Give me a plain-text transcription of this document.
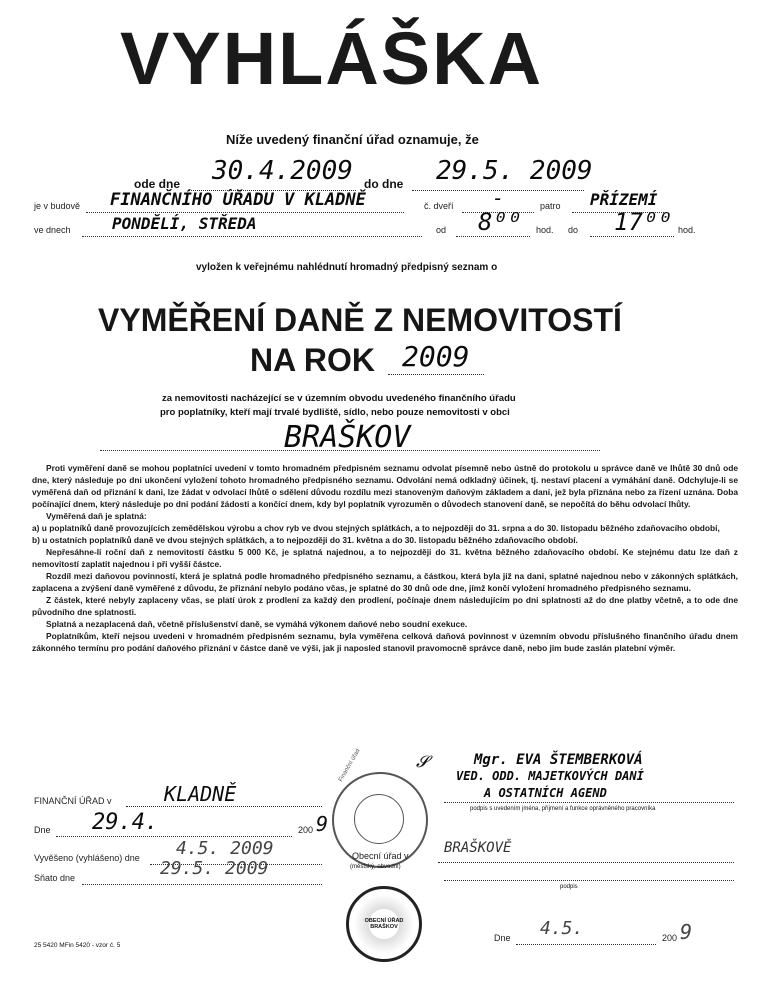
VYHLÁŠKA
Níže uvedený finanční úřad oznamuje, že
ode dne 30.4.2009 do dne 29.5. 2009
je v budově FINANČNÍHO ÚŘADU V KLADNĚ	č. dveří -	patro PŘÍZEMÍ
ve dnech	PONDĚLÍ, STŘEDA	od 8⁰⁰ hod. do 17⁰⁰ hod.
vyložen k veřejnému nahlédnutí hromadný předpisný seznam o
VYMĚŘENÍ DANĚ Z NEMOVITOSTÍ
NA ROK 2009
za nemovitosti nacházející se v územním obvodu uvedeného finančního úřadu
pro poplatníky, kteří mají trvalé bydliště, sídlo, nebo pouze nemovitosti v obci
BRAŠKOV

Proti vyměření daně se mohou poplatníci uvedení v tomto hromadném předpisném seznamu odvolat písemně nebo ústně do protokolu u správce daně ve lhůtě 30 dnů ode dne, který následuje po dni ukončení vyložení tohoto hromadného předpisného seznamu. Odvolání nemá odkladný účinek, tj. nestaví placení a vymáhání daně. Odchyluje-li se vyměřená daň od přiznání k dani, lze žádat v odvolací lhůtě o sdělení důvodu rozdílu mezi stanoveným daňovým základem a daní, jež byla přiznána nebo za řízení uznána. Doba počínající dnem, který následuje po dni podání žádosti a končící dnem, kdy byl poplatník vyrozuměn o důvodech stanovení daně, se nepočítá do běhu odvolací lhůty.

Vyměřená daň je splatná:

a) u poplatníků daně provozujících zemědělskou výrobu a chov ryb ve dvou stejných splátkách, a to nejpozději do 31. srpna a do 30. listopadu běžného zdaňovacího období,

b) u ostatních poplatníků daně ve dvou stejných splátkách, a to nejpozději do 31. května a do 30. listopadu běžného zdaňovacího období.

Nepřesáhne-li roční daň z nemovitostí částku 5 000 Kč, je splatná najednou, a to nejpozději do 31. května běžného zdaňovacího období. Ke stejnému datu lze daň z nemovitostí zaplatit najednou i při vyšší částce.

Rozdíl mezi daňovou povinností, která je splatná podle hromadného předpisného seznamu, a částkou, která byla již na dani, splatné najednou nebo v zákonných splátkách, zaplacena a zvýšení daně vyměřené z důvodu, že přiznání nebylo podáno včas, je splatné do 30 dnů ode dne, jímž končí vyložení hromadného předpisného seznamu.

Z částek, které nebyly zaplaceny včas, se platí úrok z prodlení za každý den prodlení, počínaje dnem následujícím po dni splatnosti až do dne platby včetně, a to ode dne původního dne splatnosti.

Splatná a nezaplacená daň, včetně příslušenství daně, se vymáhá výkonem daňové nebo soudní exekuce.

Poplatníkům, kteří nejsou uvedeni v hromadném předpisném seznamu, byla vyměřena celková daňová povinnost v územním obvodu příslušného finančního úřadu dnem zákonného termínu pro podání daňového přiznání v částce daně ve výši, jak ji naposled stanovil pravomocně správce daně, nebo jim bude zaslán platební výměr.

𝓢	Mgr. EVA ŠTEMBERKOVÁ
VED. ODD. MAJETKOVÝCH DANÍ
A OSTATNÍCH AGEND
podpis s uvedením jména, příjmení a funkce oprávněného pracovníka
Finanční úřad
FINANČNÍ ÚŘAD v	KLADNĚ
Dne 29.4.	200 9
Vyvěšeno (vyhlášeno) dne 4.5. 2009
Sňato dne	29.5. 2009
Obecní úřad v
(městský, obvodní)
BRAŠKOVĚ
podpis
OBECNÍ ÚŘAD BRAŠKOV
Dne 4.5.	200 9
25 5420 MFin 5420 - vzor č. 5
